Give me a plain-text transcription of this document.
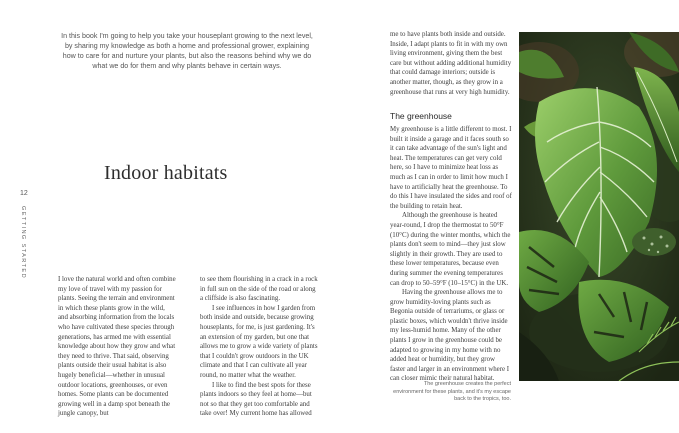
In this book I'm going to help you take your houseplant growing to the next level, by sharing my knowledge as both a home and professional grower, explaining how to care for and nurture your plants, but also the reasons behind why we do what we do for them and why plants behave in certain ways.
Indoor habitats
12
GETTING STARTED

I love the natural world and often combine my love of travel with my passion for plants. Seeing the terrain and environment in which these plants grow in the wild, and absorbing information from the locals who have cultivated these species through generations, has armed me with essential knowledge about how they grow and what they need to thrive. That said, observing plants outside their usual habitat is also hugely beneficial—whether in unusual outdoor locations, greenhouses, or even homes. Some plants can be documented growing well in a damp spot beneath the jungle canopy, but

to see them flourishing in a crack in a rock in full sun on the side of the road or along a cliffside is also fascinating.

I see influences in how I garden from both inside and outside, because growing houseplants, for me, is just gardening. It's an extension of my garden, but one that allows me to grow a wide variety of plants that I couldn't grow outdoors in the UK climate and that I can cultivate all year round, no matter what the weather.

I like to find the best spots for these plants indoors so they feel at home—but not so that they get too comfortable and take over! My current home has allowed

me to have plants both inside and outside. Inside, I adapt plants to fit in with my own living environment, giving them the best care but without adding additional humidity that could damage interiors; outside is another matter, though, as they grow in a greenhouse that runs at very high humidity.

The greenhouse

My greenhouse is a little different to most. I built it inside a garage and it faces south so it can take advantage of the sun's light and heat. The temperatures can get very cold here, so I have to minimize heat loss as much as I can in order to limit how much I have to artificially heat the greenhouse. To do this I have insulated the sides and roof of the building to retain heat.

Although the greenhouse is heated year-round, I drop the thermostat to 50°F (10°C) during the winter months, which the plants don't seem to mind—they just slow slightly in their growth. They are used to these lower temperatures, because even during summer the evening temperatures can drop to 50–59°F (10–15°C) in the UK.

Having the greenhouse allows me to grow humidity-loving plants such as Begonia outside of terrariums, or glass or plastic boxes, which wouldn't thrive inside my less-humid home. Many of the other plants I grow in the greenhouse could be adapted to growing in my home with no added heat or humidity, but they grow faster and larger in an environment where I can closer mimic their natural habitat.

The greenhouse creates the perfect environment for these plants, and it's my escape back to the tropics, too.
